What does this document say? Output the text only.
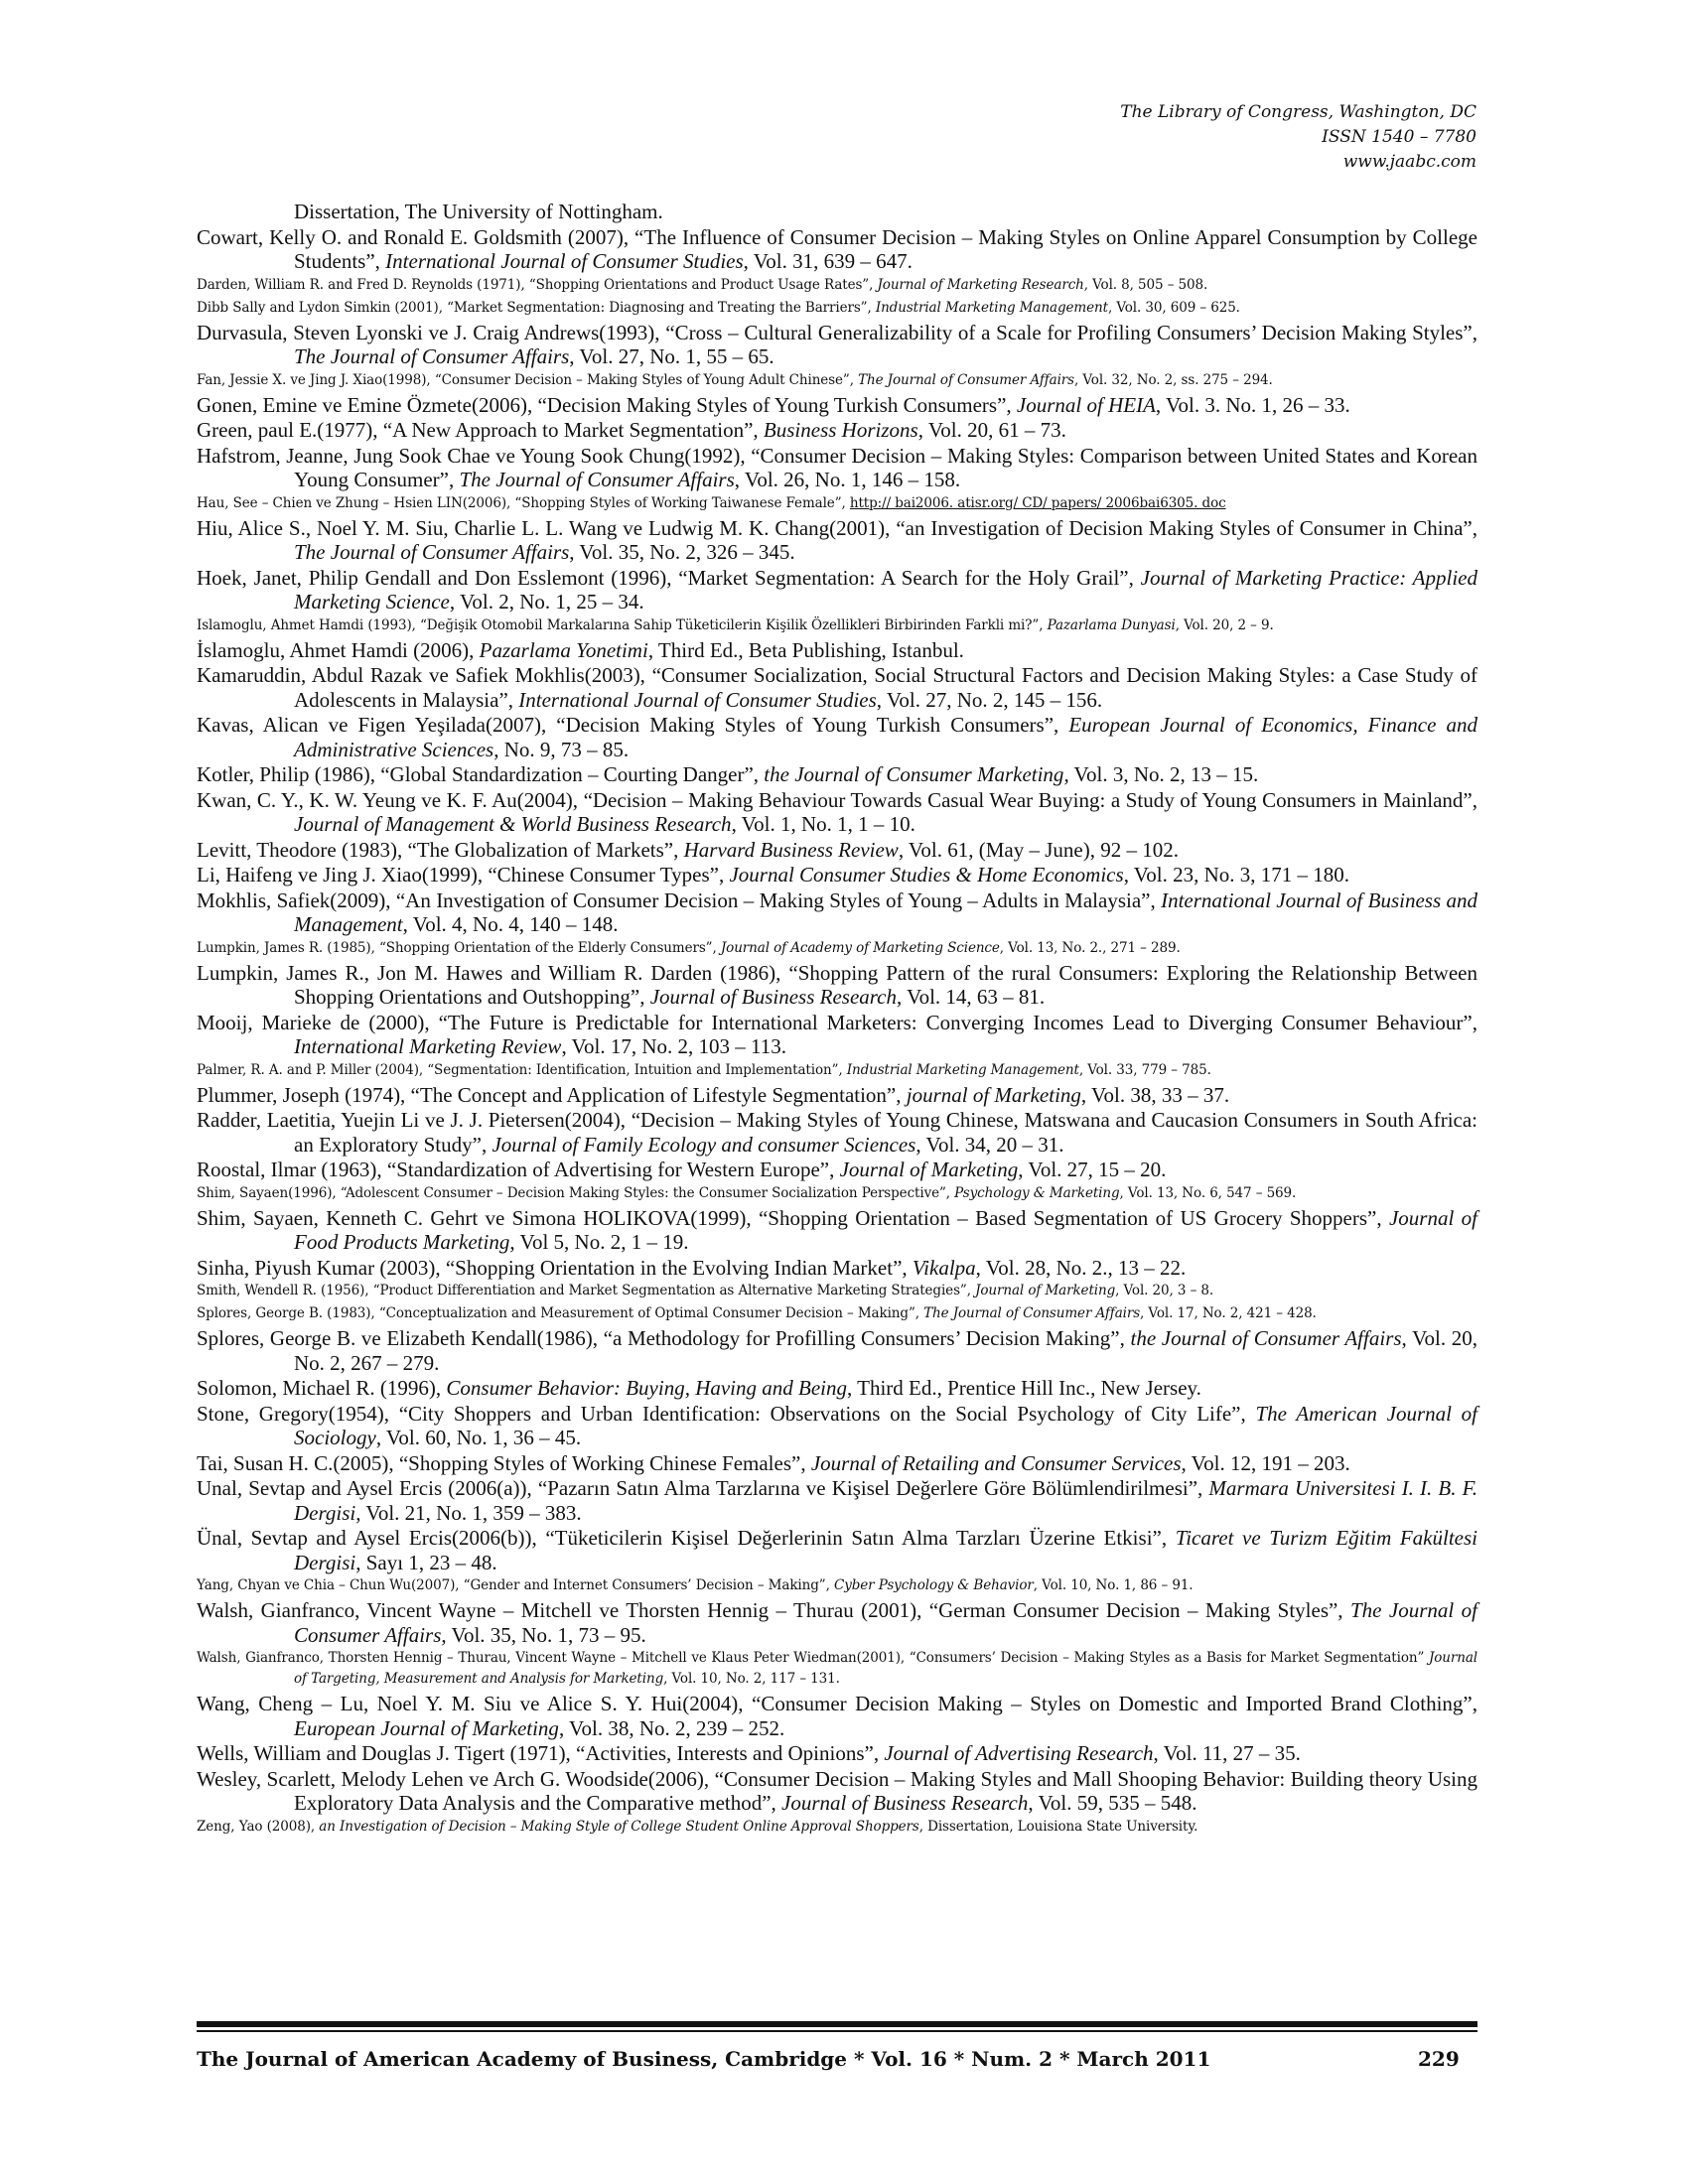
The Library of Congress, Washington, DC
ISSN 1540 – 7780
www.jaabc.com
Dissertation, The University of Nottingham.
Cowart, Kelly O. and Ronald E. Goldsmith (2007), “The Influence of Consumer Decision – Making Styles on Online Apparel Consumption by College Students”, International Journal of Consumer Studies, Vol. 31, 639 – 647.
Darden, William R. and Fred D. Reynolds (1971), “Shopping Orientations and Product Usage Rates”, Journal of Marketing Research, Vol. 8, 505 – 508.
Dibb Sally and Lydon Simkin (2001), “Market Segmentation: Diagnosing and Treating the Barriers”, Industrial Marketing Management, Vol. 30, 609 – 625.
Durvasula, Steven Lyonski ve J. Craig Andrews(1993), “Cross – Cultural Generalizability of a Scale for Profiling Consumers’ Decision Making Styles”, The Journal of Consumer Affairs, Vol. 27, No. 1, 55 – 65.
Fan, Jessie X. ve Jing J. Xiao(1998), “Consumer Decision – Making Styles of Young Adult Chinese”, The Journal of Consumer Affairs, Vol. 32, No. 2, ss. 275 – 294.
Gonen, Emine ve Emine Özmete(2006), “Decision Making Styles of Young Turkish Consumers”, Journal of HEIA, Vol. 3. No. 1, 26 – 33.
Green, paul E.(1977), “A New Approach to Market Segmentation”, Business Horizons, Vol. 20, 61 – 73.
Hafstrom, Jeanne, Jung Sook Chae ve Young Sook Chung(1992), “Consumer Decision – Making Styles: Comparison between United States and Korean Young Consumer”, The Journal of Consumer Affairs, Vol. 26, No. 1, 146 – 158.
Hau, See – Chien ve Zhung – Hsien LIN(2006), “Shopping Styles of Working Taiwanese Female”, http:// bai2006. atisr.org/ CD/ papers/ 2006bai6305. doc
Hiu, Alice S., Noel Y. M. Siu, Charlie L. L. Wang ve Ludwig M. K. Chang(2001), “an Investigation of Decision Making Styles of Consumer in China”, The Journal of Consumer Affairs, Vol. 35, No. 2, 326 – 345.
Hoek, Janet, Philip Gendall and Don Esslemont (1996), “Market Segmentation: A Search for the Holy Grail”, Journal of Marketing Practice: Applied Marketing Science, Vol. 2, No. 1, 25 – 34.
Islamoglu, Ahmet Hamdi (1993), “Değişik Otomobil Markalarına Sahip Tüketicilerin Kişilik Özellikleri Birbirinden Farkli mi?”, Pazarlama Dunyasi, Vol. 20, 2 – 9.
İslamoglu, Ahmet Hamdi (2006), Pazarlama Yonetimi, Third Ed., Beta Publishing, Istanbul.
Kamaruddin, Abdul Razak ve Safiek Mokhlis(2003), “Consumer Socialization, Social Structural Factors and Decision Making Styles: a Case Study of Adolescents in Malaysia”, International Journal of Consumer Studies, Vol. 27, No. 2, 145 – 156.
Kavas, Alican ve Figen Yeşilada(2007), “Decision Making Styles of Young Turkish Consumers”, European Journal of Economics, Finance and Administrative Sciences, No. 9, 73 – 85.
Kotler, Philip (1986), “Global Standardization – Courting Danger”, the Journal of Consumer Marketing, Vol. 3, No. 2, 13 – 15.
Kwan, C. Y., K. W. Yeung ve K. F. Au(2004), “Decision – Making Behaviour Towards Casual Wear Buying: a Study of Young Consumers in Mainland”, Journal of Management & World Business Research, Vol. 1, No. 1, 1 – 10.
Levitt, Theodore (1983), “The Globalization of Markets”, Harvard Business Review, Vol. 61, (May – June), 92 – 102.
Li, Haifeng ve Jing J. Xiao(1999), “Chinese Consumer Types”, Journal Consumer Studies & Home Economics, Vol. 23, No. 3, 171 – 180.
Mokhlis, Safiek(2009), “An Investigation of Consumer Decision – Making Styles of Young – Adults in Malaysia”, International Journal of Business and Management, Vol. 4, No. 4, 140 – 148.
Lumpkin, James R. (1985), “Shopping Orientation of the Elderly Consumers”, Journal of Academy of Marketing Science, Vol. 13, No. 2., 271 – 289.
Lumpkin, James R., Jon M. Hawes and William R. Darden (1986), “Shopping Pattern of the rural Consumers: Exploring the Relationship Between Shopping Orientations and Outshopping”, Journal of Business Research, Vol. 14, 63 – 81.
Mooij, Marieke de (2000), “The Future is Predictable for International Marketers: Converging Incomes Lead to Diverging Consumer Behaviour”, International Marketing Review, Vol. 17, No. 2, 103 – 113.
Palmer, R. A. and P. Miller (2004), “Segmentation: Identification, Intuition and Implementation”, Industrial Marketing Management, Vol. 33, 779 – 785.
Plummer, Joseph (1974), “The Concept and Application of Lifestyle Segmentation”, journal of Marketing, Vol. 38, 33 – 37.
Radder, Laetitia, Yuejin Li ve J. J. Pietersen(2004), “Decision – Making Styles of Young Chinese, Matswana and Caucasion Consumers in South Africa: an Exploratory Study”, Journal of Family Ecology and consumer Sciences, Vol. 34, 20 – 31.
Roostal, Ilmar (1963), “Standardization of Advertising for Western Europe”, Journal of Marketing, Vol. 27, 15 – 20.
Shim, Sayaen(1996), “Adolescent Consumer – Decision Making Styles: the Consumer Socialization Perspective”, Psychology & Marketing, Vol. 13, No. 6, 547 – 569.
Shim, Sayaen, Kenneth C. Gehrt ve Simona HOLIKOVA(1999), “Shopping Orientation – Based Segmentation of US Grocery Shoppers”, Journal of Food Products Marketing, Vol 5, No. 2, 1 – 19.
Sinha, Piyush Kumar (2003), “Shopping Orientation in the Evolving Indian Market”, Vikalpa, Vol. 28, No. 2., 13 – 22.
Smith, Wendell R. (1956), “Product Differentiation and Market Segmentation as Alternative Marketing Strategies”, Journal of Marketing, Vol. 20, 3 – 8.
Splores, George B. (1983), “Conceptualization and Measurement of Optimal Consumer Decision – Making”, The Journal of Consumer Affairs, Vol. 17, No. 2, 421 – 428.
Splores, George B. ve Elizabeth Kendall(1986), “a Methodology for Profilling Consumers’ Decision Making”, the Journal of Consumer Affairs, Vol. 20, No. 2, 267 – 279.
Solomon, Michael R. (1996), Consumer Behavior: Buying, Having and Being, Third Ed., Prentice Hill Inc., New Jersey.
Stone, Gregory(1954), “City Shoppers and Urban Identification: Observations on the Social Psychology of City Life”, The American Journal of Sociology, Vol. 60, No. 1, 36 – 45.
Tai, Susan H. C.(2005), “Shopping Styles of Working Chinese Females”, Journal of Retailing and Consumer Services, Vol. 12, 191 – 203.
Unal, Sevtap and Aysel Ercis (2006(a)), “Pazarın Satın Alma Tarzlarına ve Kişisel Değerlere Göre Bölümlendirilmesi”, Marmara Universitesi I. I. B. F. Dergisi, Vol. 21, No. 1, 359 – 383.
Ünal, Sevtap and Aysel Ercis(2006(b)), “Tüketicilerin Kişisel Değerlerinin Satın Alma Tarzları Üzerine Etkisi”, Ticaret ve Turizm Eğitim Fakültesi Dergisi, Sayı 1, 23 – 48.
Yang, Chyan ve Chia – Chun Wu(2007), “Gender and Internet Consumers’ Decision – Making”, Cyber Psychology & Behavior, Vol. 10, No. 1, 86 – 91.
Walsh, Gianfranco, Vincent Wayne – Mitchell ve Thorsten Hennig – Thurau (2001), “German Consumer Decision – Making Styles”, The Journal of Consumer Affairs, Vol. 35, No. 1, 73 – 95.
Walsh, Gianfranco, Thorsten Hennig – Thurau, Vincent Wayne – Mitchell ve Klaus Peter Wiedman(2001), “Consumers’ Decision – Making Styles as a Basis for Market Segmentation” Journal of Targeting, Measurement and Analysis for Marketing, Vol. 10, No. 2, 117 – 131.
Wang, Cheng – Lu, Noel Y. M. Siu ve Alice S. Y. Hui(2004), “Consumer Decision Making – Styles on Domestic and Imported Brand Clothing”, European Journal of Marketing, Vol. 38, No. 2, 239 – 252.
Wells, William and Douglas J. Tigert (1971), “Activities, Interests and Opinions”, Journal of Advertising Research, Vol. 11, 27 – 35.
Wesley, Scarlett, Melody Lehen ve Arch G. Woodside(2006), “Consumer Decision – Making Styles and Mall Shooping Behavior: Building theory Using Exploratory Data Analysis and the Comparative method”, Journal of Business Research, Vol. 59, 535 – 548.
Zeng, Yao (2008), an Investigation of Decision – Making Style of College Student Online Approval Shoppers, Dissertation, Louisiona State University.
The Journal of American Academy of Business, Cambridge * Vol. 16 * Num. 2 * March 2011	229
